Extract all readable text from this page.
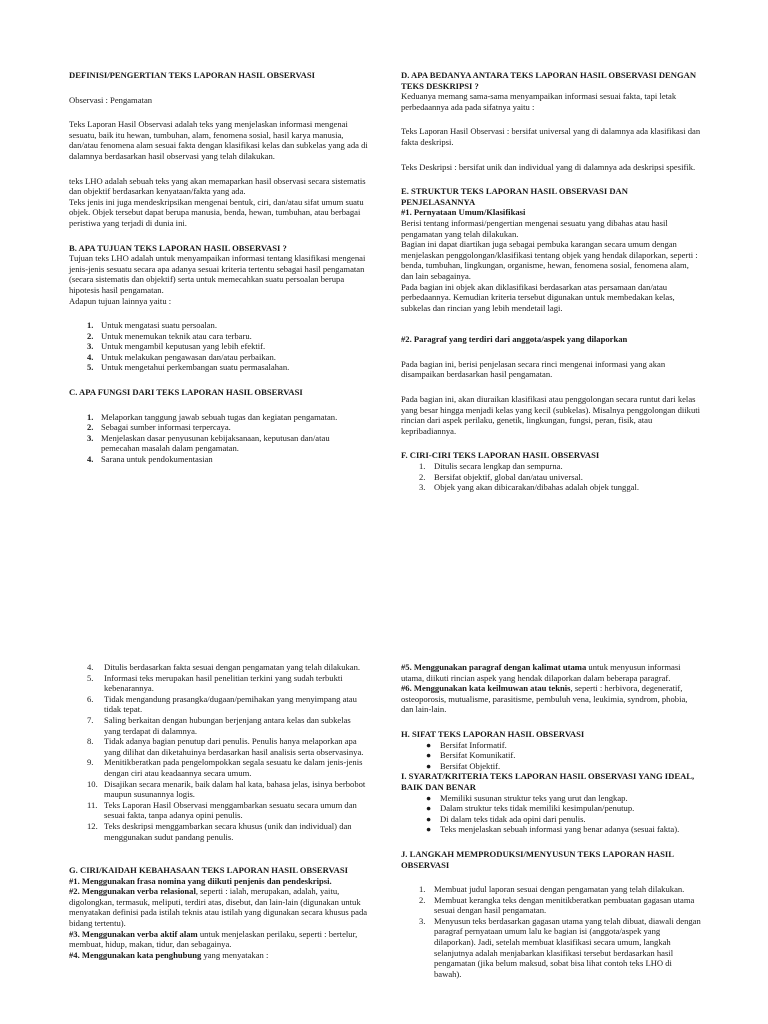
DEFINISI/PENGERTIAN TEKS LAPORAN HASIL OBSERVASI

Observasi : Pengamatan

Teks Laporan Hasil Observasi adalah teks yang menjelaskan informasi mengenai sesuatu, baik itu hewan, tumbuhan, alam, fenomena sosial, hasil karya manusia, dan/atau fenomena alam sesuai fakta dengan klasifikasi kelas dan subkelas yang ada di dalamnya berdasarkan hasil observasi yang telah dilakukan.

teks LHO adalah sebuah teks yang akan memaparkan hasil observasi secara sistematis dan objektif berdasarkan kenyataan/fakta yang ada.

Teks jenis ini juga mendeskripsikan mengenai bentuk, ciri, dan/atau sifat umum suatu objek. Objek tersebut dapat berupa manusia, benda, hewan, tumbuhan, atau berbagai peristiwa yang terjadi di dunia ini.

B. APA TUJUAN TEKS LAPORAN HASIL OBSERVASI ?

Tujuan teks LHO adalah untuk menyampaikan informasi tentang klasifikasi mengenai jenis-jenis sesuatu secara apa adanya sesuai kriteria tertentu sebagai hasil pengamatan (secara sistematis dan objektif) serta untuk memecahkan suatu persoalan berupa hipotesis hasil pengamatan.

Adapun tujuan lainnya yaitu :

1. Untuk mengatasi suatu persoalan.
2. Untuk menemukan teknik atau cara terbaru.
3. Untuk mengambil keputusan yang lebih efektif.
4. Untuk melakukan pengawasan dan/atau perbaikan.
5. Untuk mengetahui perkembangan suatu permasalahan.

C. APA FUNGSI DARI TEKS LAPORAN HASIL OBSERVASI

1. Melaporkan tanggung jawab sebuah tugas dan kegiatan pengamatan.
2. Sebagai sumber informasi terpercaya.
3. Menjelaskan dasar penyusunan kebijaksanaan, keputusan dan/atau pemecahan masalah dalam pengamatan.
4. Sarana untuk pendokumentasian

D. APA BEDANYA ANTARA TEKS LAPORAN HASIL OBSERVASI DENGAN TEKS DESKRIPSI ?

Keduanya memang sama-sama menyampaikan informasi sesuai fakta, tapi letak perbedaannya ada pada sifatnya yaitu :

Teks Laporan Hasil Observasi : bersifat universal yang di dalamnya ada klasifikasi dan fakta deskripsi.

Teks Deskripsi : bersifat unik dan individual yang di dalamnya ada deskripsi spesifik.

E. STRUKTUR TEKS LAPORAN HASIL OBSERVASI DAN PENJELASANNYA

#1. Pernyataan Umum/Klasifikasi

Berisi tentang informasi/pengertian mengenai sesuatu yang dibahas atau hasil pengamatan yang telah dilakukan.

Bagian ini dapat diartikan juga sebagai pembuka karangan secara umum dengan menjelaskan penggolongan/klasifikasi tentang objek yang hendak dilaporkan, seperti : benda, tumbuhan, lingkungan, organisme, hewan, fenomena sosial, fenomena alam, dan lain sebagainya.

Pada bagian ini objek akan diklasifikasi berdasarkan atas persamaan dan/atau perbedaannya. Kemudian kriteria tersebut digunakan untuk membedakan kelas, subkelas dan rincian yang lebih mendetail lagi.

#2. Paragraf yang terdiri dari anggota/aspek yang dilaporkan

Pada bagian ini, berisi penjelasan secara rinci mengenai informasi yang akan disampaikan berdasarkan hasil pengamatan.

Pada bagian ini, akan diuraikan klasifikasi atau penggolongan secara runtut dari kelas yang besar hingga menjadi kelas yang kecil (subkelas). Misalnya penggolongan diikuti rincian dari aspek perilaku, genetik, lingkungan, fungsi, peran, fisik, atau kepribadiannya.

F. CIRI-CIRI TEKS LAPORAN HASIL OBSERVASI

1. Ditulis secara lengkap dan sempurna.
2. Bersifat objektif, global dan/atau universal.
3. Objek yang akan dibicarakan/dibahas adalah objek tunggal.
4. Ditulis berdasarkan fakta sesuai dengan pengamatan yang telah dilakukan.
5. Informasi teks merupakan hasil penelitian terkini yang sudah terbukti kebenarannya.
6. Tidak mengandung prasangka/dugaan/pemihakan yang menyimpang atau tidak tepat.
7. Saling berkaitan dengan hubungan berjenjang antara kelas dan subkelas yang terdapat di dalamnya.
8. Tidak adanya bagian penutup dari penulis. Penulis hanya melaporkan apa yang dilihat dan diketahuinya berdasarkan hasil analisis serta observasinya.
9. Menitikberatkan pada pengelompokkan segala sesuatu ke dalam jenis-jenis dengan ciri atau keadaannya secara umum.
10. Disajikan secara menarik, baik dalam hal kata, bahasa jelas, isinya berbobot maupun susunannya logis.
11. Teks Laporan Hasil Observasi menggambarkan sesuatu secara umum dan sesuai fakta, tanpa adanya opini penulis.
12. Teks deskripsi menggambarkan secara khusus (unik dan individual) dan menggunakan sudut pandang penulis.

G. CIRI/KAIDAH KEBAHASAAN TEKS LAPORAN HASIL OBSERVASI

#1. Menggunakan frasa nomina yang diikuti penjenis dan pendeskripsi.

#2. Menggunakan verba relasional, seperti : ialah, merupakan, adalah, yaitu, digolongkan, termasuk, meliputi, terdiri atas, disebut, dan lain-lain (digunakan untuk menyatakan definisi pada istilah teknis atau istilah yang digunakan secara khusus pada bidang tertentu).

#3. Menggunakan verba aktif alam untuk menjelaskan perilaku, seperti : bertelur, membuat, hidup, makan, tidur, dan sebagainya.

#4. Menggunakan kata penghubung yang menyatakan :

#5. Menggunakan paragraf dengan kalimat utama untuk menyusun informasi utama, diikuti rincian aspek yang hendak dilaporkan dalam beberapa paragraf.

#6. Menggunakan kata keilmuwan atau teknis, seperti : herbivora, degeneratif, osteoporosis, mutualisme, parasitisme, pembuluh vena, leukimia, syndrom, phobia, dan lain-lain.

H. SIFAT TEKS LAPORAN HASIL OBSERVASI

● Bersifat Informatif.
● Bersifat Komunikatif.
● Bersifat Objektif.

I. SYARAT/KRITERIA TEKS LAPORAN HASIL OBSERVASI YANG IDEAL, BAIK DAN BENAR

● Memiliki susunan struktur teks yang urut dan lengkap.
● Dalam struktur teks tidak memiliki kesimpulan/penutup.
● Di dalam teks tidak ada opini dari penulis.
● Teks menjelaskan sebuah informasi yang benar adanya (sesuai fakta).

J. LANGKAH MEMPRODUKSI/MENYUSUN TEKS LAPORAN HASIL OBSERVASI

1. Membuat judul laporan sesuai dengan pengamatan yang telah dilakukan.
2. Membuat kerangka teks dengan menitikberatkan pembuatan gagasan utama sesuai dengan hasil pengamatan.
3. Menyusun teks berdasarkan gagasan utama yang telah dibuat, diawali dengan paragraf pernyataan umum lalu ke bagian isi (anggota/aspek yang dilaporkan). Jadi, setelah membuat klasifikasi secara umum, langkah selanjutnya adalah menjabarkan klasifikasi tersebut berdasarkan hasil pengamatan (jika belum maksud, sobat bisa lihat contoh teks LHO di bawah).
